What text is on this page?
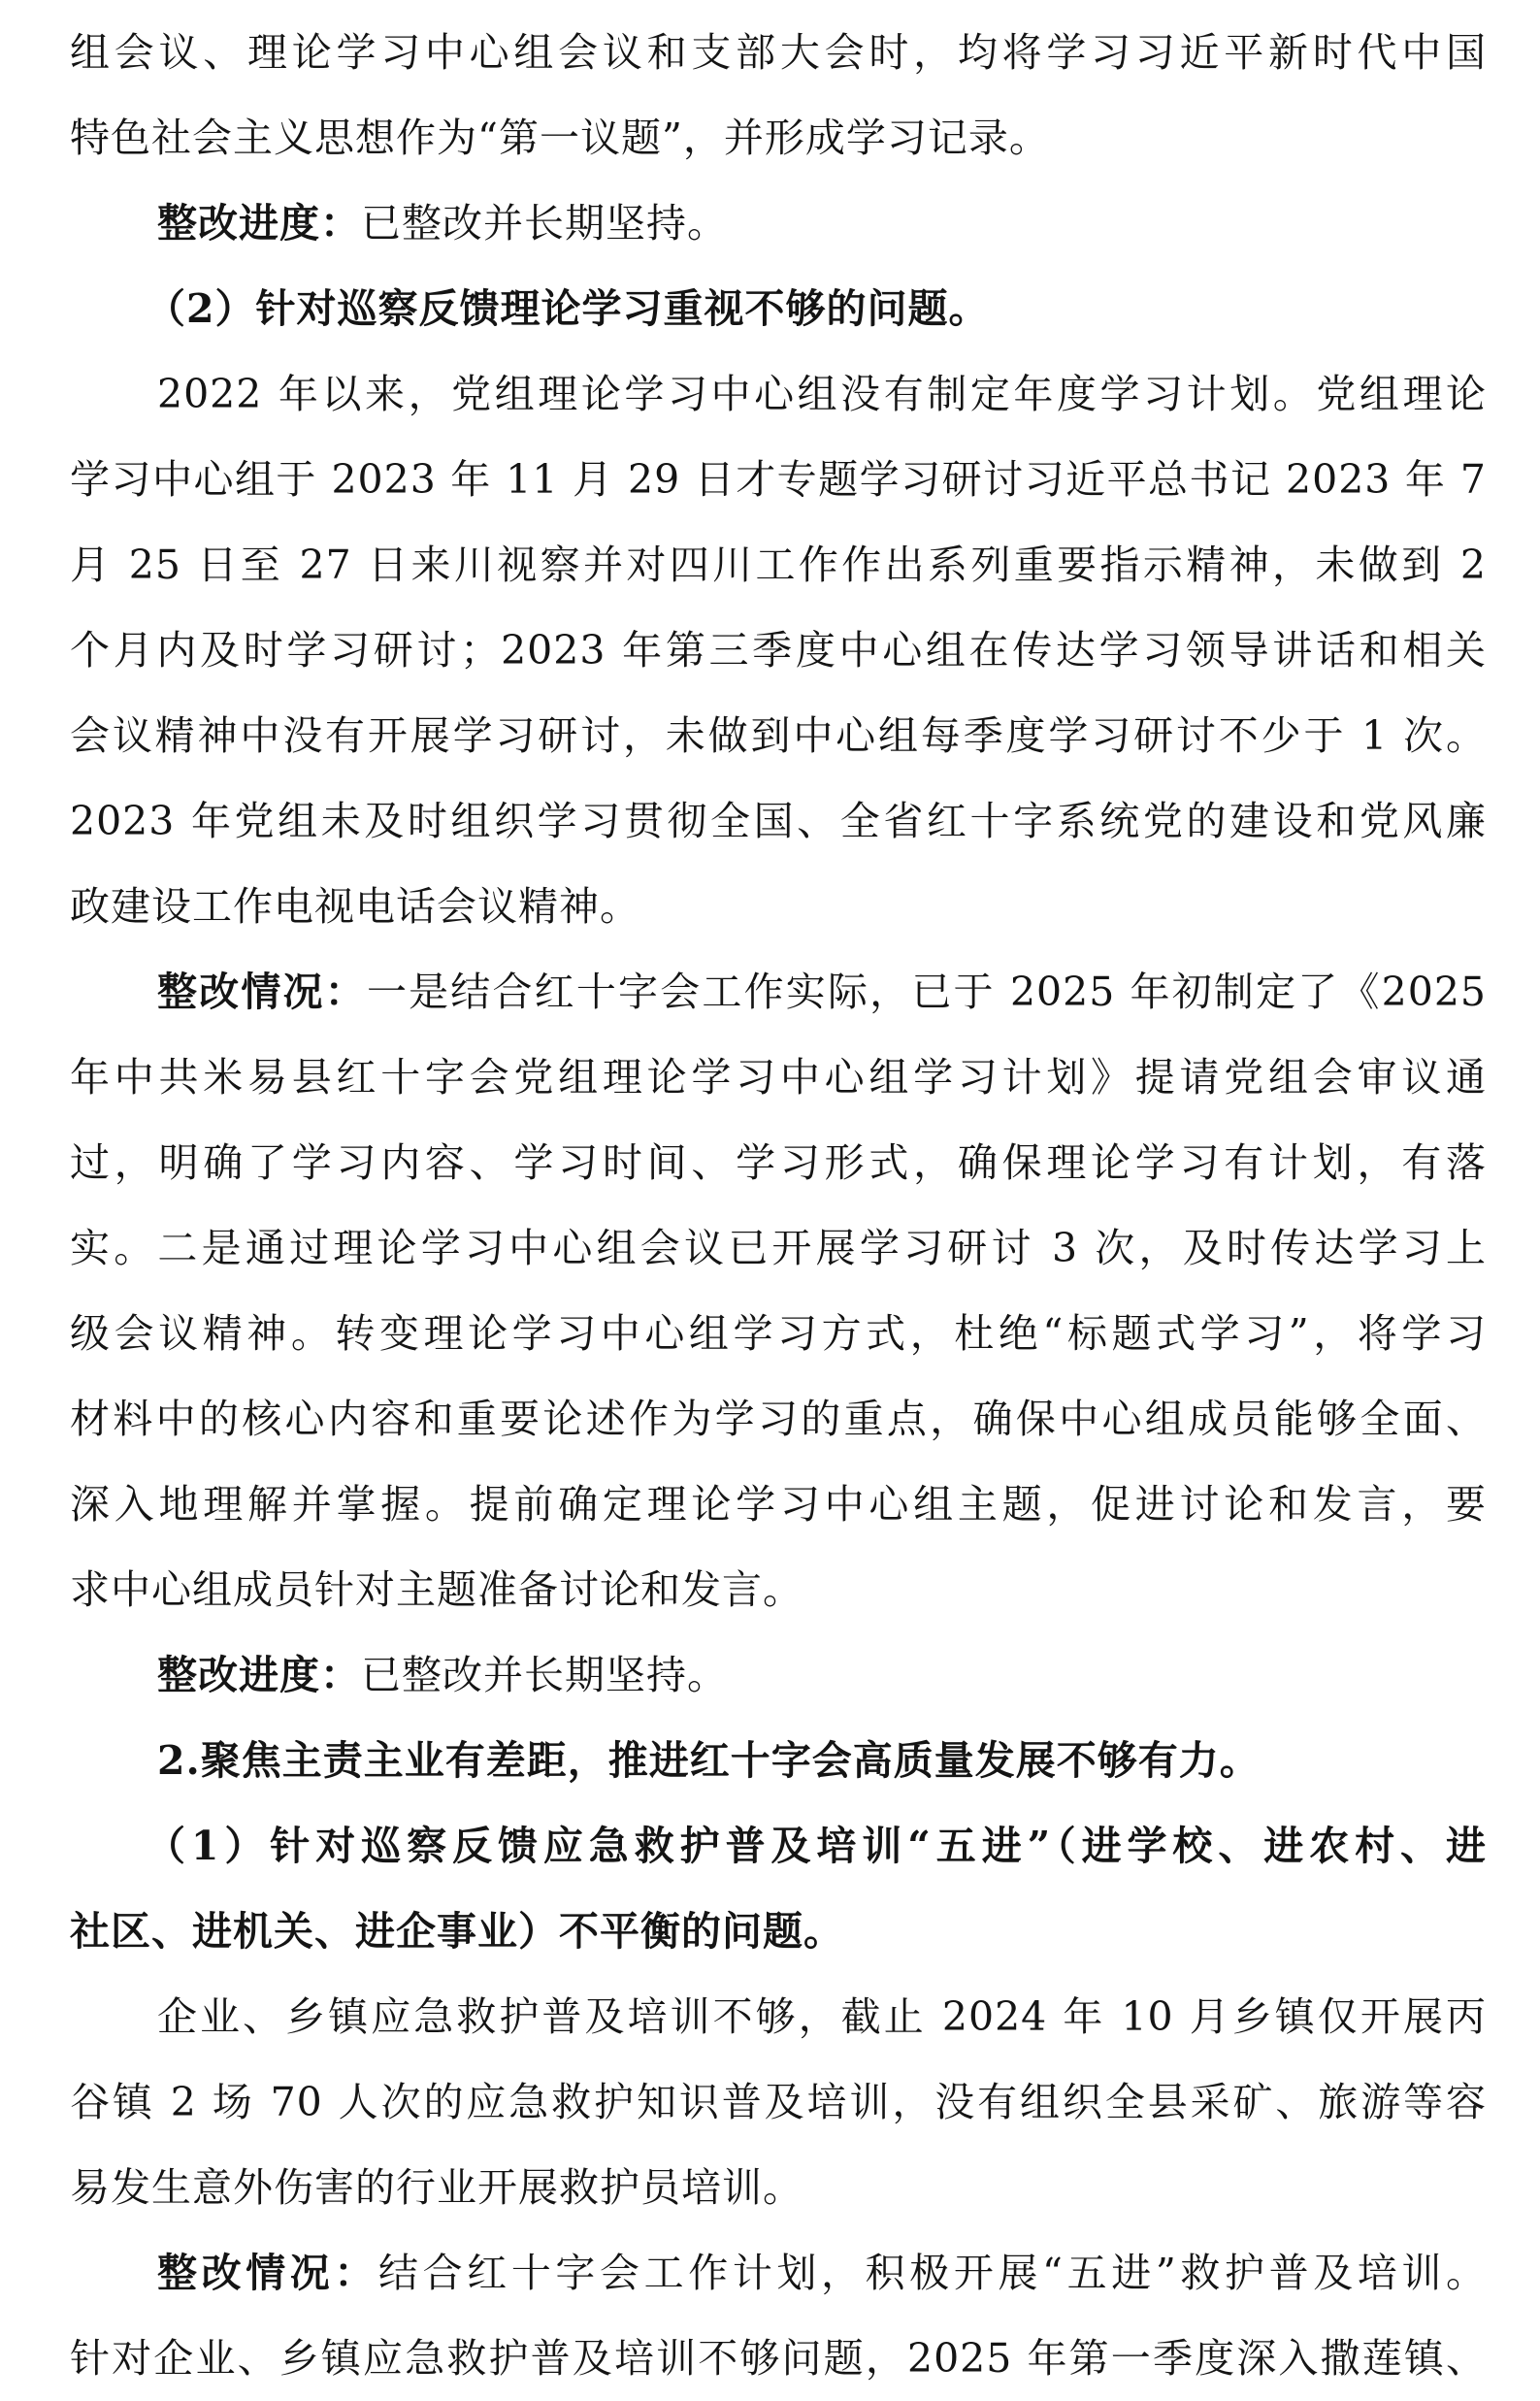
组会议、理论学习中心组会议和支部大会时，均将学习习近平新时代中国
特色社会主义思想作为“第一议题”，并形成学习记录。
整改进度：已整改并长期坚持。
（2）针对巡察反馈理论学习重视不够的问题。
2022 年以来，党组理论学习中心组没有制定年度学习计划。党组理论
学习中心组于 2023 年 11 月 29 日才专题学习研讨习近平总书记 2023 年 7
月 25 日至 27 日来川视察并对四川工作作出系列重要指示精神，未做到 2
个月内及时学习研讨；2023 年第三季度中心组在传达学习领导讲话和相关
会议精神中没有开展学习研讨，未做到中心组每季度学习研讨不少于 1 次。
2023 年党组未及时组织学习贯彻全国、全省红十字系统党的建设和党风廉
政建设工作电视电话会议精神。
整改情况：一是结合红十字会工作实际，已于 2025 年初制定了《2025
年中共米易县红十字会党组理论学习中心组学习计划》提请党组会审议通
过，明确了学习内容、学习时间、学习形式，确保理论学习有计划，有落
实。二是通过理论学习中心组会议已开展学习研讨 3 次，及时传达学习上
级会议精神。转变理论学习中心组学习方式，杜绝“标题式学习”，将学习
材料中的核心内容和重要论述作为学习的重点，确保中心组成员能够全面、
深入地理解并掌握。提前确定理论学习中心组主题，促进讨论和发言，要
求中心组成员针对主题准备讨论和发言。
整改进度：已整改并长期坚持。
2.聚焦主责主业有差距，推进红十字会高质量发展不够有力。
（1）针对巡察反馈应急救护普及培训“五进”（进学校、进农村、进
社区、进机关、进企事业）不平衡的问题。
企业、乡镇应急救护普及培训不够，截止 2024 年 10 月乡镇仅开展丙
谷镇 2 场 70 人次的应急救护知识普及培训，没有组织全县采矿、旅游等容
易发生意外伤害的行业开展救护员培训。
整改情况：结合红十字会工作计划，积极开展“五进”救护普及培训。
针对企业、乡镇应急救护普及培训不够问题，2025 年第一季度深入撒莲镇、
